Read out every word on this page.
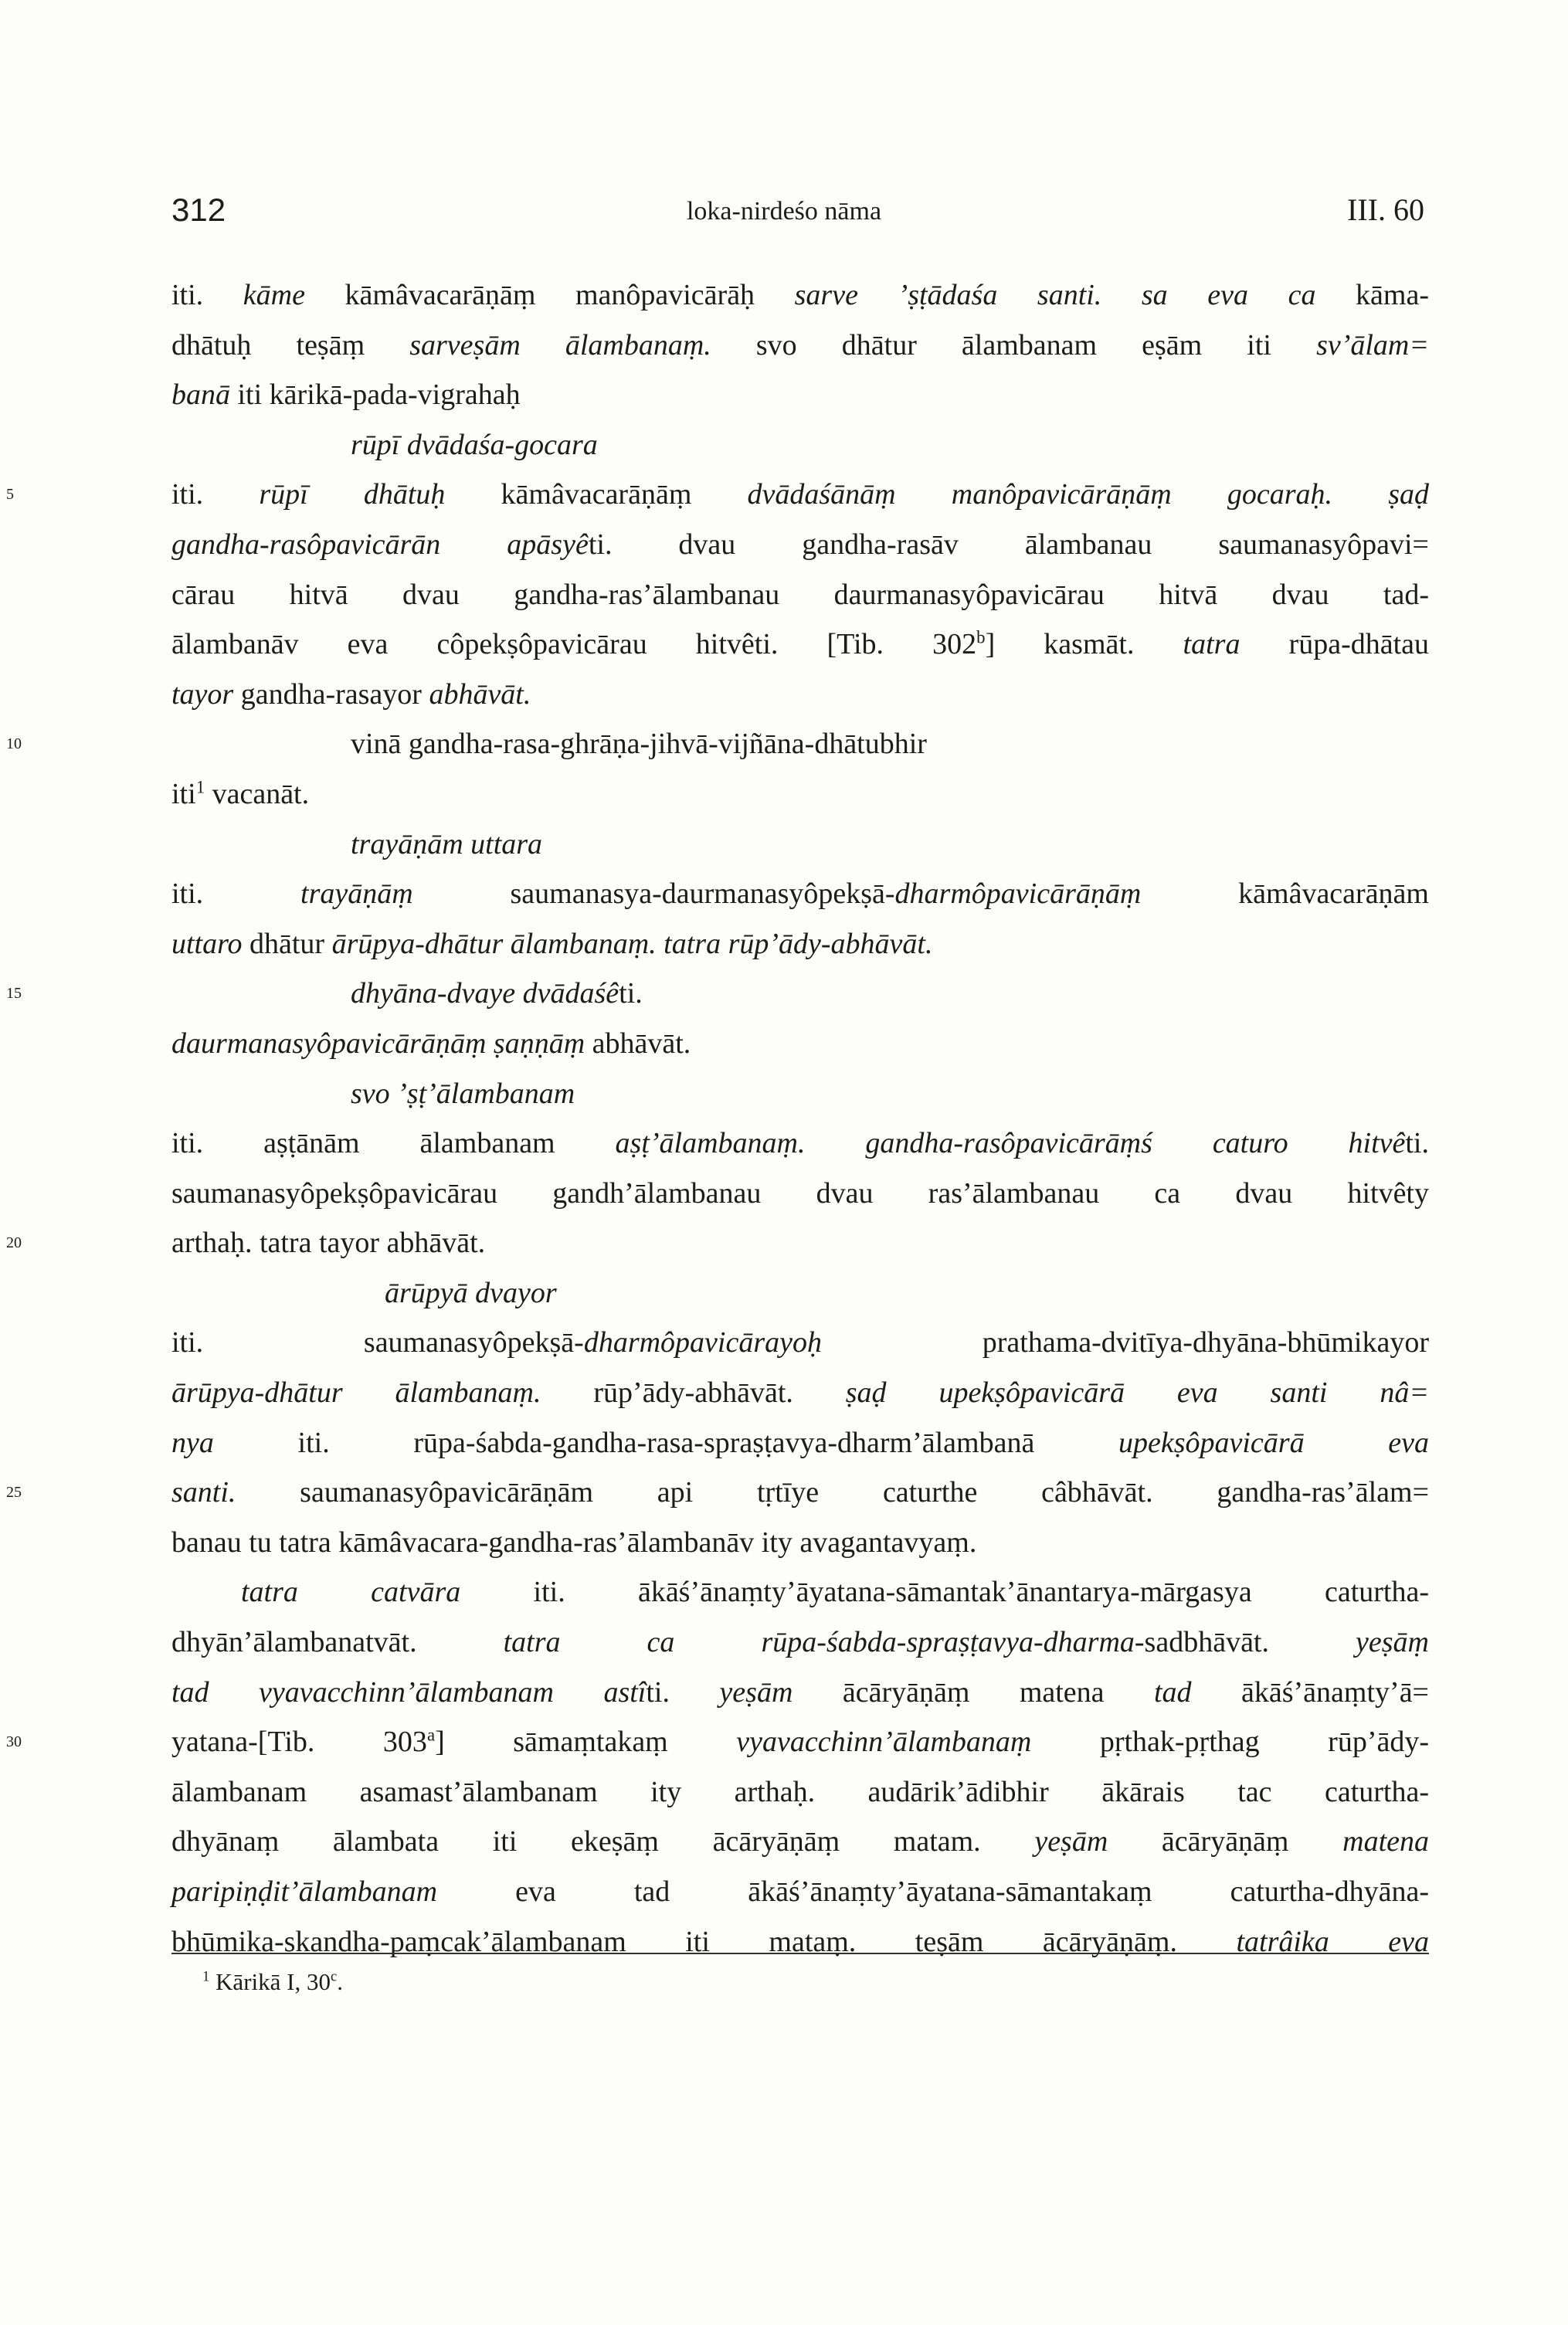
312	loka-nirdeśo nāma	III. 60
iti. kāme kāmâvacarāṇāṃ manôpavicārāḥ sarve ’ṣṭādaśa santi. sa eva ca kāma-
dhātuḥ teṣāṃ sarveṣām ālambanaṃ. svo dhātur ālambanam eṣām iti sv’ālam=
banā iti kārikā-pada-vigrahaḥ
rūpī dvādaśa-gocara
5	iti. rūpī dhātuḥ kāmâvacarāṇāṃ dvādaśānāṃ manôpavicārāṇāṃ gocaraḥ. ṣaḍ
gandha-rasôpavicārān apāsyêti. dvau gandha-rasāv ālambanau saumanasyôpavi=
cārau hitvā dvau gandha-ras’ālambanau daurmanasyôpavicārau hitvā dvau tad-
ālambanāv eva côpekṣôpavicārau hitvêti. [Tib. 302$^b$] kasmāt. tatra rūpa-dhātau
tayor gandha-rasayor abhāvāt.
10	vinā gandha-rasa-ghrāṇa-jihvā-vijñāna-dhātubhir
iti$^1$ vacanāt.
trayāṇām uttara
iti. trayāṇāṃ saumanasya-daurmanasyôpekṣā-dharmôpavicārāṇāṃ kāmâvacarāṇām
uttaro dhātur ārūpya-dhātur ālambanaṃ. tatra rūp’ādy-abhāvāt.
15	dhyāna-dvaye dvādaśêti.
daurmanasyôpavicārāṇāṃ ṣaṇṇāṃ abhāvāt.
svo ’ṣṭ’ālambanam
iti. aṣṭānām ālambanam aṣṭ’ālambanaṃ. gandha-rasôpavicārāṃś caturo hitvêti.
saumanasyôpekṣôpavicārau gandh’ālambanau dvau ras’ālambanau ca dvau hitvêty
20	arthaḥ. tatra tayor abhāvāt.
ārūpyā dvayor
iti. saumanasyôpekṣā-dharmôpavicārayoḥ prathama-dvitīya-dhyāna-bhūmikayor
ārūpya-dhātur ālambanaṃ. rūp’ādy-abhāvāt. ṣaḍ upekṣôpavicārā eva santi nâ=
nya iti. rūpa-śabda-gandha-rasa-spraṣṭavya-dharm’ālambanā upekṣôpavicārā eva
25	santi. saumanasyôpavicārāṇām api tṛtīye caturthe câbhāvāt. gandha-ras’ālam=
banau tu tatra kāmâvacara-gandha-ras’ālambanāv ity avagantavyaṃ.
tatra catvāra iti. ākāś’ānaṃty’āyatana-sāmantak’ānantarya-mārgasya caturtha-
dhyān’ālambanatvāt. tatra ca rūpa-śabda-spraṣṭavya-dharma-sadbhāvāt. yeṣāṃ
tad vyavacchinn’ālambanam astîti. yeṣām ācāryāṇāṃ matena tad ākāś’ānaṃty’ā=
30	yatana-[Tib. 303$^a$] sāmaṃtakaṃ vyavacchinn’ālambanaṃ pṛthak-pṛthag rūp’ādy-
ālambanam asamast’ālambanam ity arthaḥ. audārik’ādibhir ākārais tac caturtha-
dhyānaṃ ālambata iti ekeṣāṃ ācāryāṇāṃ matam. yeṣām ācāryāṇāṃ matena
paripiṇḍit’ālambanam eva tad ākāś’ānaṃty’āyatana-sāmantakaṃ caturtha-dhyāna-
bhūmika-skandha-paṃcak’ālambanam iti mataṃ. teṣām ācāryāṇāṃ. tatrâika eva
$^1$ Kārikā I, 30$^c$.
